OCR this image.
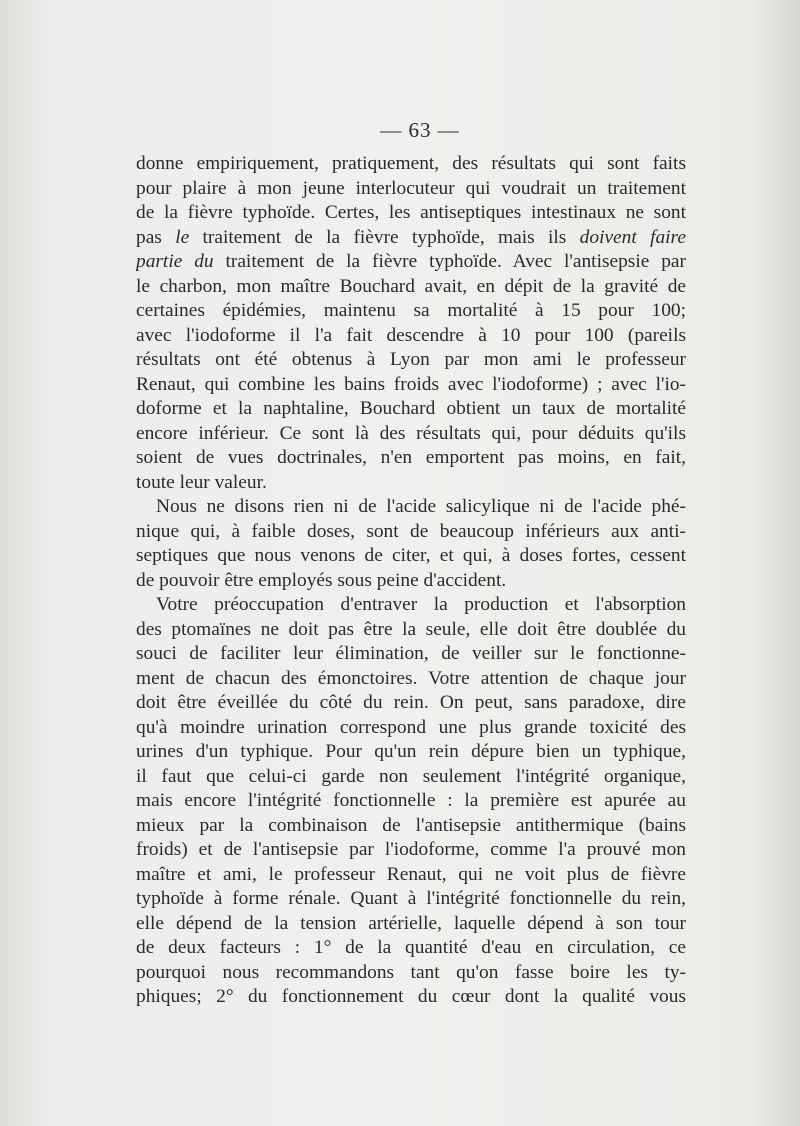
— 63 —
donne empiriquement, pratiquement, des résultats qui sont faits
pour plaire à mon jeune interlocuteur qui voudrait un traitement
de la fièvre typhoïde. Certes, les antiseptiques intestinaux ne sont
pas le traitement de la fièvre typhoïde, mais ils doivent faire
partie du traitement de la fièvre typhoïde. Avec l'antisepsie par
le charbon, mon maître Bouchard avait, en dépit de la gravité de
certaines épidémies, maintenu sa mortalité à 15 pour 100;
avec l'iodoforme il l'a fait descendre à 10 pour 100 (pareils
résultats ont été obtenus à Lyon par mon ami le professeur
Renaut, qui combine les bains froids avec l'iodoforme) ; avec l'io-
doforme et la naphtaline, Bouchard obtient un taux de mortalité
encore inférieur. Ce sont là des résultats qui, pour déduits qu'ils
soient de vues doctrinales, n'en emportent pas moins, en fait,
toute leur valeur.
Nous ne disons rien ni de l'acide salicylique ni de l'acide phé-
nique qui, à faible doses, sont de beaucoup inférieurs aux anti-
septiques que nous venons de citer, et qui, à doses fortes, cessent
de pouvoir être employés sous peine d'accident.
Votre préoccupation d'entraver la production et l'absorption
des ptomaïnes ne doit pas être la seule, elle doit être doublée du
souci de faciliter leur élimination, de veiller sur le fonctionne-
ment de chacun des émonctoires. Votre attention de chaque jour
doit être éveillée du côté du rein. On peut, sans paradoxe, dire
qu'à moindre urination correspond une plus grande toxicité des
urines d'un typhique. Pour qu'un rein dépure bien un typhique,
il faut que celui-ci garde non seulement l'intégrité organique,
mais encore l'intégrité fonctionnelle : la première est apurée au
mieux par la combinaison de l'antisepsie antithermique (bains
froids) et de l'antisepsie par l'iodoforme, comme l'a prouvé mon
maître et ami, le professeur Renaut, qui ne voit plus de fièvre
typhoïde à forme rénale. Quant à l'intégrité fonctionnelle du rein,
elle dépend de la tension artérielle, laquelle dépend à son tour
de deux facteurs : 1° de la quantité d'eau en circulation, ce
pourquoi nous recommandons tant qu'on fasse boire les ty-
phiques; 2° du fonctionnement du cœur dont la qualité vous
